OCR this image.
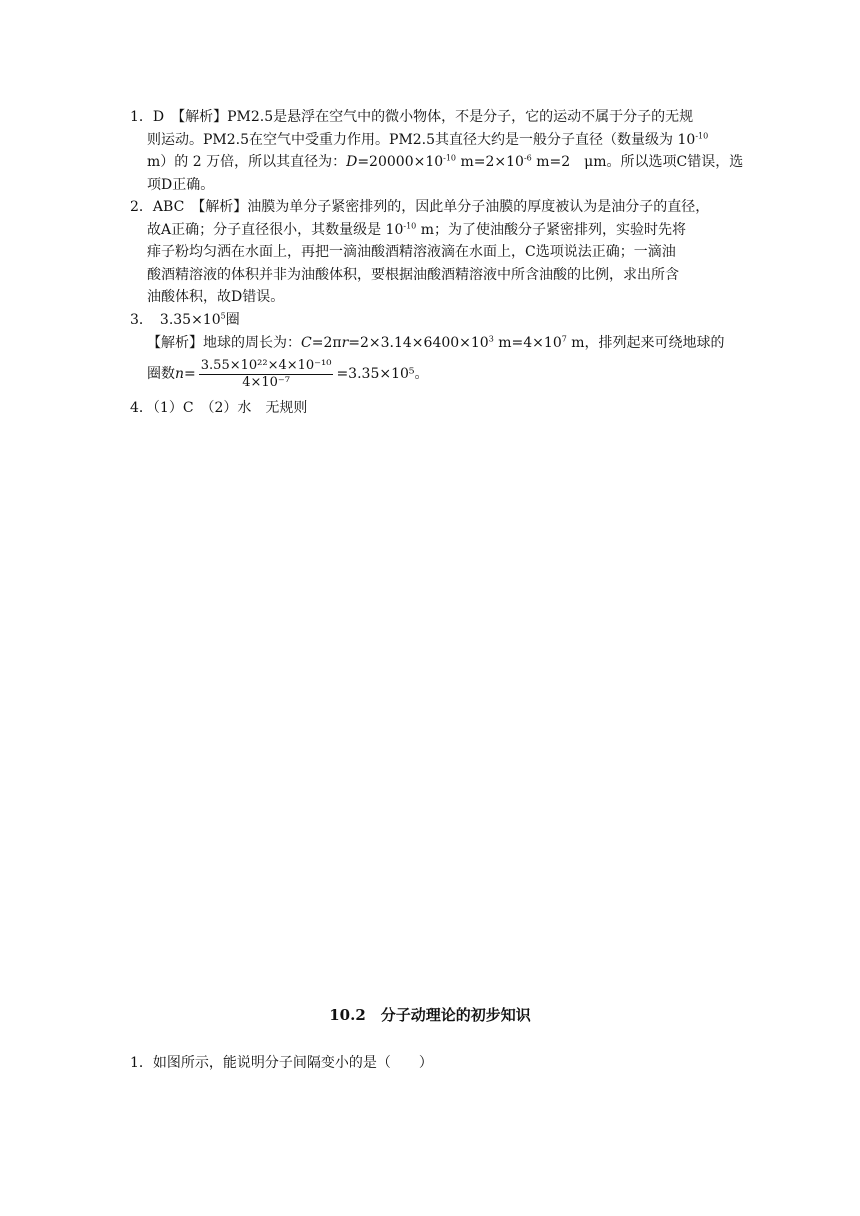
1．D　【解析】PM2.5是悬浮在空气中的微小物体，不是分子，它的运动不属于分子的无规
则运动。PM2.5在空气中受重力作用。PM2.5其直径大约是一般分子直径（数量级为 $10^{-10}$
m）的 2 万倍，所以其直径为：$D=20000\times 10^{-10}$ $m=2\times 10^{-6}$ m=2　μm。所以选项C错误，选
项D正确。
2．ABC　【解析】油膜为单分子紧密排列的，因此单分子油膜的厚度被认为是油分子的直径，
故A正确；分子直径很小，其数量级是 $10^{-10}$ m；为了使油酸分子紧密排列，实验时先将
痱子粉均匀洒在水面上，再把一滴油酸酒精溶液滴在水面上，C选项说法正确；一滴油
酸酒精溶液的体积并非为油酸体积，要根据油酸酒精溶液中所含油酸的比例，求出所含
油酸体积，故D错误。
3．　$3.35\times 10^5$圈
【解析】地球的周长为：$C=2\pi r=2\times 3.14\times 6400\times 10^3$ $m=4\times 10^7$ m，排列起来可绕地球的
圈数$n= \frac{\text{3.55×10²²×4×10⁻¹⁰}}{\text{4×10⁻⁷}} =3.35\times 10^5$。
4．（1）C　（2）水　无规则
10.2　分子动理论的初步知识
1．如图所示，能说明分子间隔变小的是（　　）
